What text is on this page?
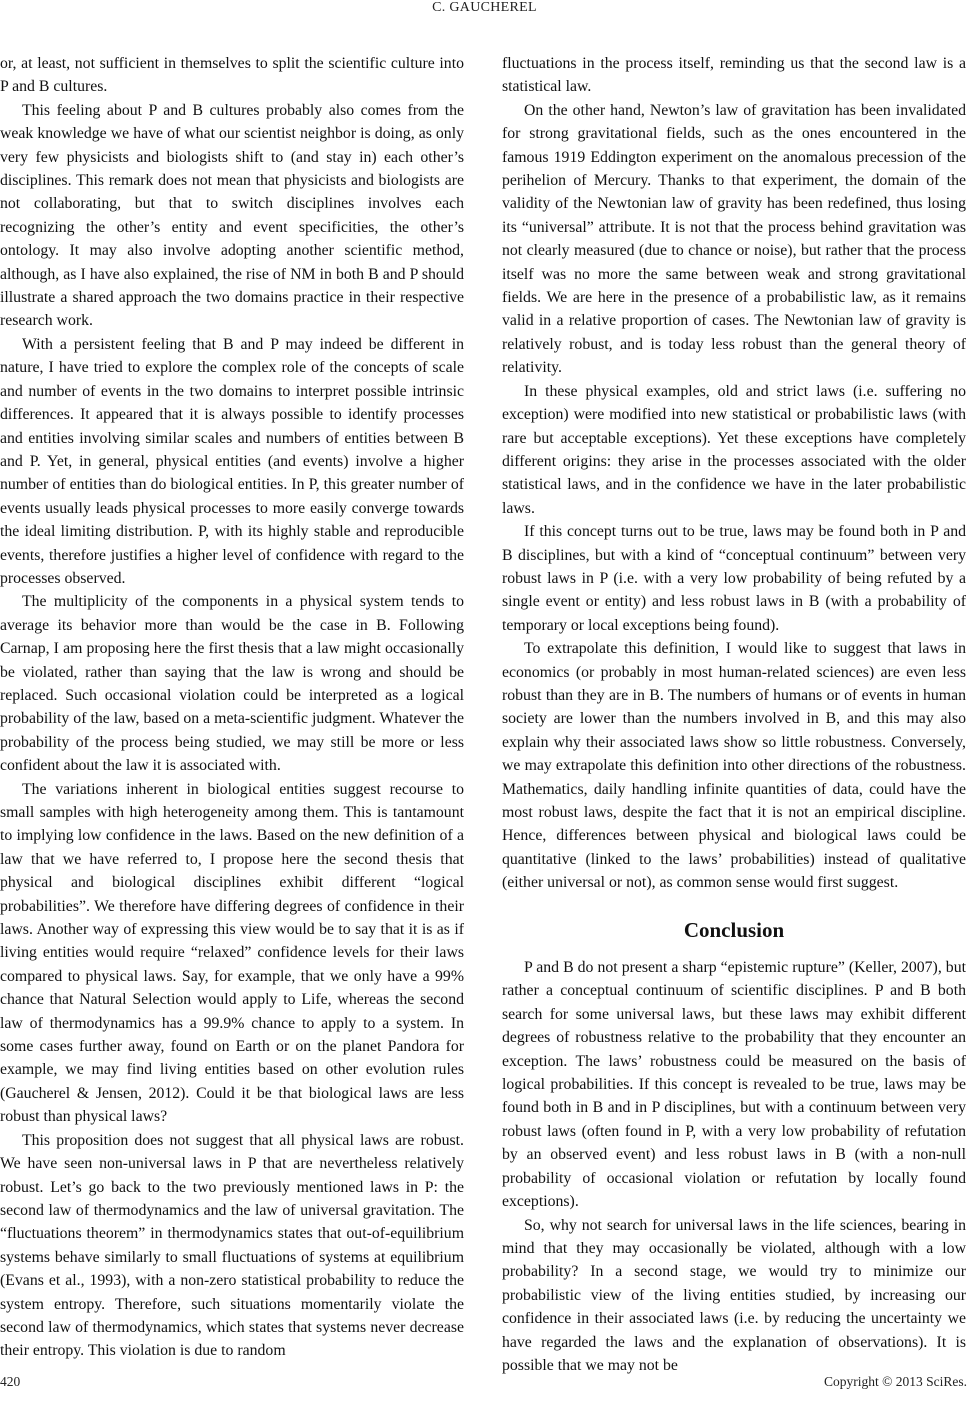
C. GAUCHEREL

or, at least, not sufficient in themselves to split the scientific culture into P and B cultures.

This feeling about P and B cultures probably also comes from the weak knowledge we have of what our scientist neighbor is doing, as only very few physicists and biologists shift to (and stay in) each other’s disciplines. This remark does not mean that physicists and biologists are not collaborating, but that to switch disciplines involves each recognizing the other’s entity and event specificities, the other’s ontology. It may also involve adopting another scientific method, although, as I have also explained, the rise of NM in both B and P should illustrate a shared approach the two domains practice in their respective research work.

With a persistent feeling that B and P may indeed be different in nature, I have tried to explore the complex role of the concepts of scale and number of events in the two domains to interpret possible intrinsic differences. It appeared that it is always possible to identify processes and entities involving similar scales and numbers of entities between B and P. Yet, in general, physical entities (and events) involve a higher number of entities than do biological entities. In P, this greater number of events usually leads physical processes to more easily converge towards the ideal limiting distribution. P, with its highly stable and reproducible events, therefore justifies a higher level of confidence with regard to the processes observed.

The multiplicity of the components in a physical system tends to average its behavior more than would be the case in B. Following Carnap, I am proposing here the first thesis that a law might occasionally be violated, rather than saying that the law is wrong and should be replaced. Such occasional violation could be interpreted as a logical probability of the law, based on a meta-scientific judgment. Whatever the probability of the process being studied, we may still be more or less confident about the law it is associated with.

The variations inherent in biological entities suggest recourse to small samples with high heterogeneity among them. This is tantamount to implying low confidence in the laws. Based on the new definition of a law that we have referred to, I propose here the second thesis that physical and biological disciplines exhibit different “logical probabilities”. We therefore have differing degrees of confidence in their laws. Another way of expressing this view would be to say that it is as if living entities would require “relaxed” confidence levels for their laws compared to physical laws. Say, for example, that we only have a 99% chance that Natural Selection would apply to Life, whereas the second law of thermodynamics has a 99.9% chance to apply to a system. In some cases further away, found on Earth or on the planet Pandora for example, we may find living entities based on other evolution rules (Gaucherel & Jensen, 2012). Could it be that biological laws are less robust than physical laws?

This proposition does not suggest that all physical laws are robust. We have seen non-universal laws in P that are nevertheless relatively robust. Let’s go back to the two previously mentioned laws in P: the second law of thermodynamics and the law of universal gravitation. The “fluctuations theorem” in thermodynamics states that out-of-equilibrium systems behave similarly to small fluctuations of systems at equilibrium (Evans et al., 1993), with a non-zero statistical probability to reduce the system entropy. Therefore, such situations momentarily violate the second law of thermodynamics, which states that systems never decrease their entropy. This violation is due to random

fluctuations in the process itself, reminding us that the second law is a statistical law.

On the other hand, Newton’s law of gravitation has been invalidated for strong gravitational fields, such as the ones encountered in the famous 1919 Eddington experiment on the anomalous precession of the perihelion of Mercury. Thanks to that experiment, the domain of the validity of the Newtonian law of gravity has been redefined, thus losing its “universal” attribute. It is not that the process behind gravitation was not clearly measured (due to chance or noise), but rather that the process itself was no more the same between weak and strong gravitational fields. We are here in the presence of a probabilistic law, as it remains valid in a relative proportion of cases. The Newtonian law of gravity is relatively robust, and is today less robust than the general theory of relativity.

In these physical examples, old and strict laws (i.e. suffering no exception) were modified into new statistical or probabilistic laws (with rare but acceptable exceptions). Yet these exceptions have completely different origins: they arise in the processes associated with the older statistical laws, and in the confidence we have in the later probabilistic laws.

If this concept turns out to be true, laws may be found both in P and B disciplines, but with a kind of “conceptual continuum” between very robust laws in P (i.e. with a very low probability of being refuted by a single event or entity) and less robust laws in B (with a probability of temporary or local exceptions being found).

To extrapolate this definition, I would like to suggest that laws in economics (or probably in most human-related sciences) are even less robust than they are in B. The numbers of humans or of events in human society are lower than the numbers involved in B, and this may also explain why their associated laws show so little robustness. Conversely, we may extrapolate this definition into other directions of the robustness. Mathematics, daily handling infinite quantities of data, could have the most robust laws, despite the fact that it is not an empirical discipline. Hence, differences between physical and biological laws could be quantitative (linked to the laws’ probabilities) instead of qualitative (either universal or not), as common sense would first suggest.

Conclusion

P and B do not present a sharp “epistemic rupture” (Keller, 2007), but rather a conceptual continuum of scientific disciplines. P and B both search for some universal laws, but these laws may exhibit different degrees of robustness relative to the probability that they encounter an exception. The laws’ robustness could be measured on the basis of logical probabilities. If this concept is revealed to be true, laws may be found both in B and in P disciplines, but with a continuum between very robust laws (often found in P, with a very low probability of refutation by an observed event) and less robust laws in B (with a non-null probability of occasional violation or refutation by locally found exceptions).

So, why not search for universal laws in the life sciences, bearing in mind that they may occasionally be violated, although with a low probability? In a second stage, we would try to minimize our probabilistic view of the living entities studied, by increasing our confidence in their associated laws (i.e. by reducing the uncertainty we have regarded the laws and the explanation of observations). It is possible that we may not be

420	Copyright © 2013 SciRes.
